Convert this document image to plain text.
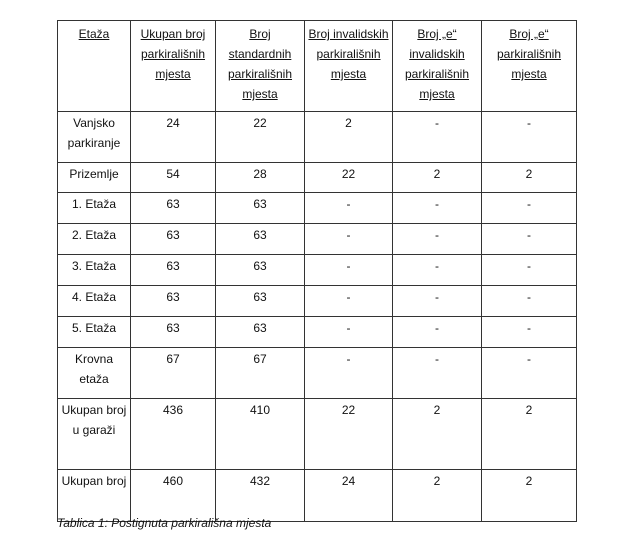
Etaža	Ukupan broj parkirališnih mjesta	Broj standardnih parkirališnih mjesta	Broj invalidskih parkirališnih mjesta	Broj „e“ invalidskih parkirališnih mjesta	Broj „e“ parkirališnih mjesta
Vanjsko parkiranje	24	22	2	-	-
Prizemlje	54	28	22	2	2
1. Etaža	63	63	-	-	-
2. Etaža	63	63	-	-	-
3. Etaža	63	63	-	-	-
4. Etaža	63	63	-	-	-
5. Etaža	63	63	-	-	-
Krovna etaža	67	67	-	-	-
Ukupan broj u garaži	436	410	22	2	2
Ukupan broj	460	432	24	2	2
Tablica 1: Postignuta parkirališna mjesta
